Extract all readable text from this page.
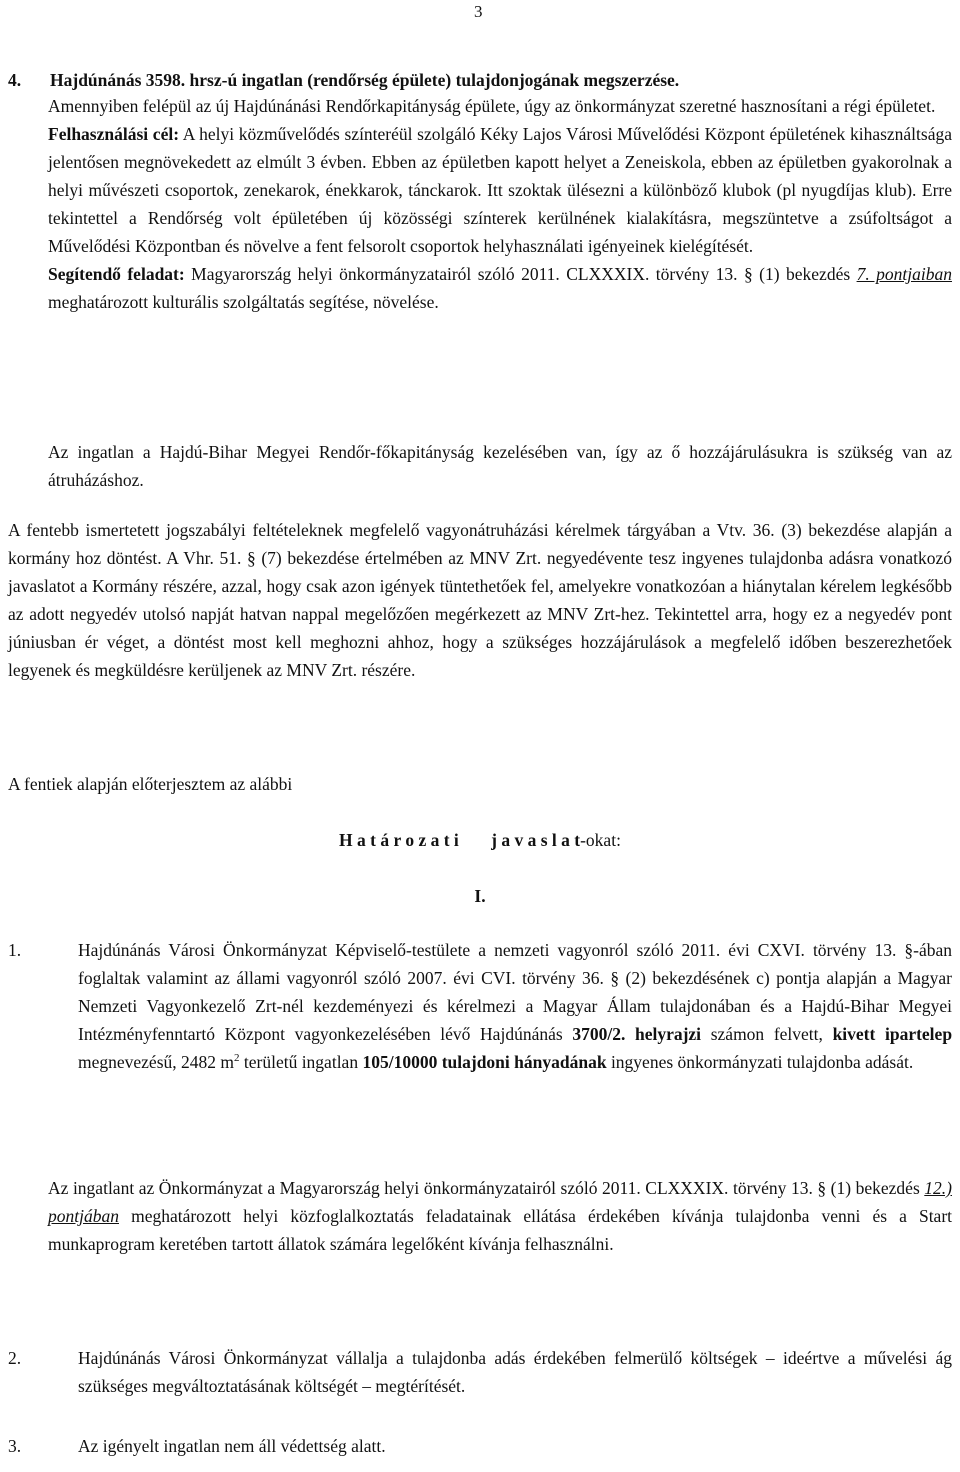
3
4. Hajdúnánás 3598. hrsz-ú ingatlan (rendőrség épülete) tulajdonjogának megszerzése.

Amennyiben felépül az új Hajdúnánási Rendőrkapitányság épülete, úgy az önkormányzat szeretné hasznosítani a régi épületet.

Felhasználási cél: A helyi közművelődés színteréül szolgáló Kéky Lajos Városi Művelődési Központ épületének kihasználtsága jelentősen megnövekedett az elmúlt 3 évben. Ebben az épületben kapott helyet a Zeneiskola, ebben az épületben gyakorolnak a helyi művészeti csoportok, zenekarok, énekkarok, tánckarok. Itt szoktak ülésezni a különböző klubok (pl nyugdíjas klub). Erre tekintettel a Rendőrség volt épületében új közösségi színterek kerülnének kialakításra, megszüntetve a zsúfoltságot a Művelődési Központban és növelve a fent felsorolt csoportok helyhasználati igényeinek kielégítését.

Segítendő feladat: Magyarország helyi önkormányzatairól szóló 2011. CLXXXIX. törvény 13. § (1) bekezdés 7. pontjaiban meghatározott kulturális szolgáltatás segítése, növelése.

Az ingatlan a Hajdú-Bihar Megyei Rendőr-főkapitányság kezelésében van, így az ő hozzájárulásukra is szükség van az átruházáshoz.
A fentebb ismertetett jogszabályi feltételeknek megfelelő vagyonátruházási kérelmek tárgyában a Vtv. 36. (3) bekezdése alapján a kormány hoz döntést. A Vhr. 51. § (7) bekezdése értelmében az MNV Zrt. negyedévente tesz ingyenes tulajdonba adásra vonatkozó javaslatot a Kormány részére, azzal, hogy csak azon igények tüntethetőek fel, amelyekre vonatkozóan a hiánytalan kérelem legkésőbb az adott negyedév utolsó napját hatvan nappal megelőzően megérkezett az MNV Zrt-hez. Tekintettel arra, hogy ez a negyedév pont júniusban ér véget, a döntést most kell meghozni ahhoz, hogy a szükséges hozzájárulások a megfelelő időben beszerezhetőek legyenek és megküldésre kerüljenek az MNV Zrt. részére.
A fentiek alapján előterjesztem az alábbi
H a t á r o z a t i j a v a s l a t-okat:
I.
1.	Hajdúnánás Városi Önkormányzat Képviselő-testülete a nemzeti vagyonról szóló 2011. évi CXVI. törvény 13. §-ában foglaltak valamint az állami vagyonról szóló 2007. évi CVI. törvény 36. § (2) bekezdésének c) pontja alapján a Magyar Nemzeti Vagyonkezelő Zrt-nél kezdeményezi és kérelmezi a Magyar Állam tulajdonában és a Hajdú-Bihar Megyei Intézményfenntartó Központ vagyonkezelésében lévő Hajdúnánás 3700/2. helyrajzi számon felvett, kivett ipartelep megnevezésű, 2482 $m^2$ területű ingatlan 105/10000 tulajdoni hányadának ingyenes önkormányzati tulajdonba adását.
Az ingatlant az Önkormányzat a Magyarország helyi önkormányzatairól szóló 2011. CLXXXIX. törvény 13. § (1) bekezdés 12.) pontjában meghatározott helyi közfoglalkoztatás feladatainak ellátása érdekében kívánja tulajdonba venni és a Start munkaprogram keretében tartott állatok számára legelőként kívánja felhasználni.
2.	Hajdúnánás Városi Önkormányzat vállalja a tulajdonba adás érdekében felmerülő költségek – ideértve a művelési ág szükséges megváltoztatásának költségét – megtérítését.
3.	Az igényelt ingatlan nem áll védettség alatt.
